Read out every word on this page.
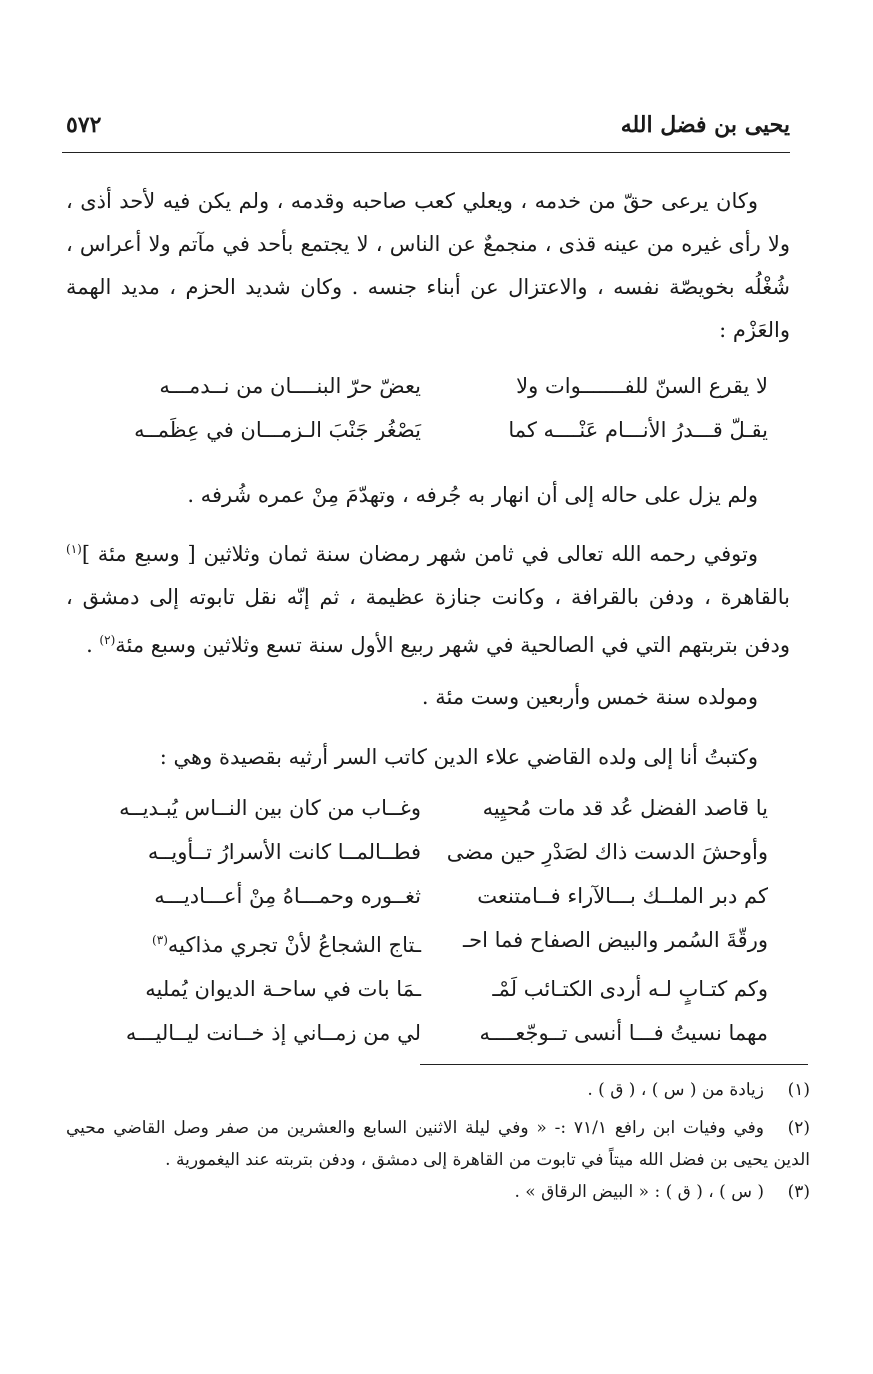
يحيى بن فضل الله
٥٧٢

وكان يرعى حقّ من خدمه ، ويعلي كعب صاحبه وقدمه ، ولم يكن فيه لأحد أذى ، ولا رأى غيره من عينه قذى ، منجمعٌ عن الناس ، لا يجتمع بأحد في مآتم ولا أعراس ، شُغْلُه بخويصّة نفسه ، والاعتزال عن أبناء جنسه . وكان شديد الحزم ، مديد الهمة والعَزْم :

لا يقرع السنّ للفـــــــوات ولا
يعضّ حرّ البنــــان من نــدمـــه
يقـلّ قـــدرُ الأنـــام عَنْــــه كما
يَصْغُر جَنْبَ الـزمـــان في عِظَمــه

ولم يزل على حاله إلى أن انهار به جُرفه ، وتهدّمَ مِنْ عمره شُرفه .

وتوفي رحمه الله تعالى في ثامن شهر رمضان سنة ثمان وثلاثين [ وسبع مئة ]$^{(١)}$ بالقاهرة ، ودفن بالقرافة ، وكانت جنازة عظيمة ، ثم إنّه نقل تابوته إلى دمشق ، ودفن بتربتهم التي في الصالحية في شهر ربيع الأول سنة تسع وثلاثين وسبع مئة$^{(٢)}$ .

ومولده سنة خمس وأربعين وست مئة .

وكتبتُ أنا إلى ولده القاضي علاء الدين كاتب السر أرثيه بقصيدة وهي :

يا قاصد الفضل عُد قد مات مُحيِيه
وغــاب من كان بين النــاس يُبـديــه
وأوحشَ الدست ذاك لصَدْرِ حين مضى
فطــالمــا كانت الأسرارُ تــأويــه
كم دبر الملــك بـــالآراء فــامتنعت
ثغــوره وحمـــاهُ مِنْ أعـــاديـــه
ورقّةَ السُمر والبيض الصفاح فما احـ
ـتاج الشجاعُ لأنْ تجري مذاكيه$^{(٣)}$
وكم كتـابٍ لـه أردى الكتـائب لَمْـ
ـمَا بات في ساحـة الديوان يُمليه
مهما نسيتُ فـــا أنسى تــوجّعــــه
لي من زمــاني إذ خــانت ليــاليـــه

(١)زيادة من ( س ) ، ( ق ) .

(٢)وفي وفيات ابن رافع ٧١/١ :- « وفي ليلة الاثنين السابع والعشرين من صفر وصل القاضي محيي الدين يحيى بن فضل الله ميتاً في تابوت من القاهرة إلى دمشق ، ودفن بتربته عند اليغمورية .

(٣)( س ) ، ( ق ) : « البيض الرقاق » .
